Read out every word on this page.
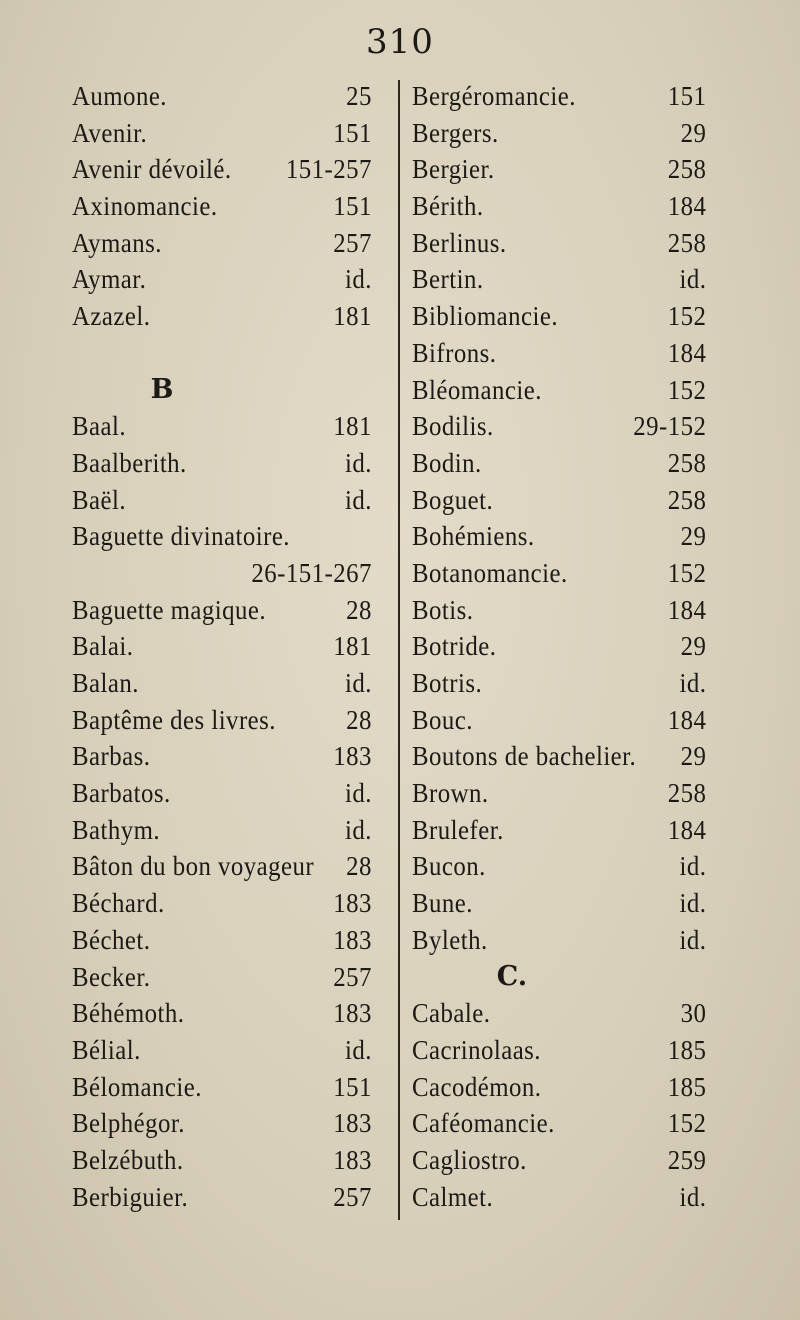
310
Aumone.	25
Avenir.	151
Avenir dévoilé. 151-257
Axinomancie.	151
Aymans.	257
Aymar.	id.
Azazel.	181
B
Baal.	181
Baalberith.	id.
Baël.	id.
Baguette divinatoire.
26-151-267
Baguette magique.	28
Balai.	181
Balan.	id.
Baptême des livres.	28
Barbas.	183
Barbatos.	id.
Bathym.	id.
Bâton du bon voyageur 28
Béchard.	183
Béchet.	183
Becker.	257
Béhémoth.	183
Bélial.	id.
Bélomancie.	151
Belphégor.	183
Belzébuth.	183
Berbiguier.	257
Bergéromancie.	151
Bergers.	29
Bergier.	258
Bérith.	184
Berlinus.	258
Bertin.	id.
Bibliomancie.	152
Bifrons.	184
Bléomancie.	152
Bodilis.	29-152
Bodin.	258
Boguet.	258
Bohémiens.	29
Botanomancie.	152
Botis.	184
Botride.	29
Botris.	id.
Bouc.	184
Boutons de bachelier. 29
Brown.	258
Brulefer.	184
Bucon.	id.
Bune.	id.
Byleth.	id.
C.
Cabale.	30
Cacrinolaas.	185
Cacodémon.	185
Caféomancie.	152
Cagliostro.	259
Calmet.	id.
